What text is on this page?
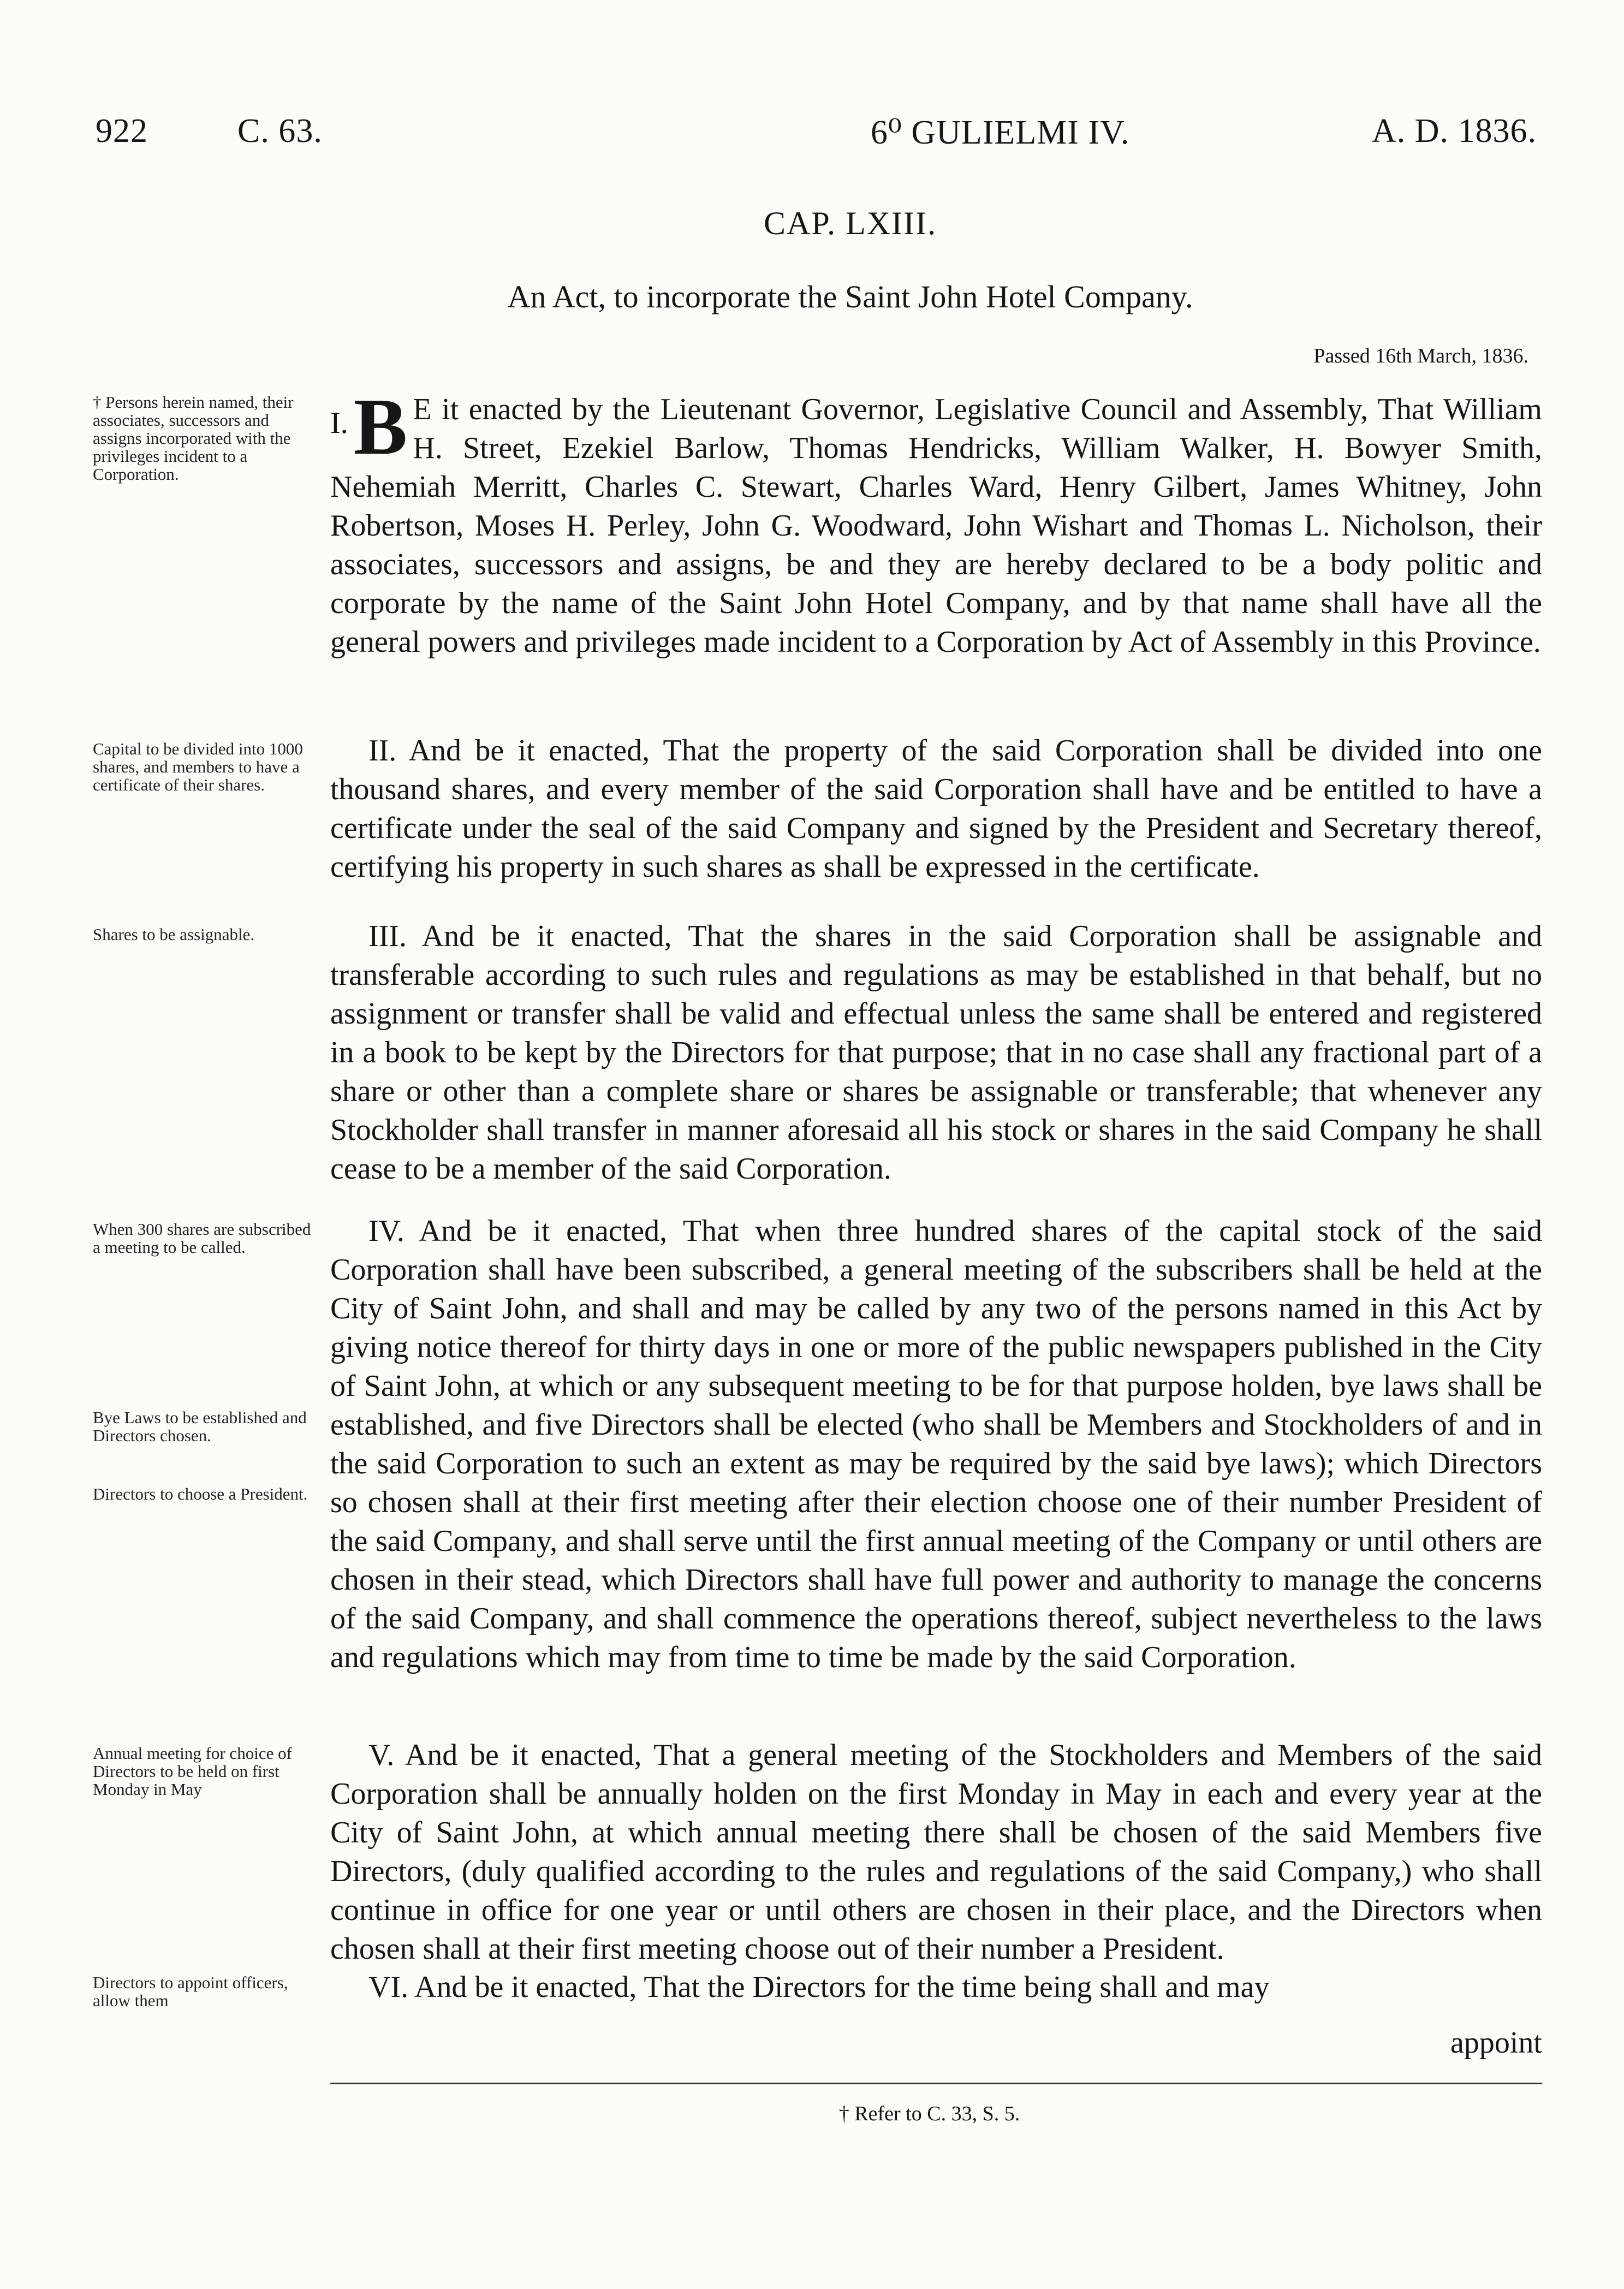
922	C. 63.	6⁰ GULIELMI IV.	A. D. 1836.
CAP. LXIII.
An Act, to incorporate the Saint John Hotel Company.
Passed 16th March, 1836.
† Persons herein named, their associates, successors and assigns incorporated with the privileges incident to a Corporation.
Capital to be divided into 1000 shares, and members to have a certificate of their shares.
Shares to be assignable.
When 300 shares are subscribed a meeting to be called.
Bye Laws to be established and Directors chosen.
Directors to choose a President.
Annual meeting for choice of Directors to be held on first Monday in May
Directors to appoint officers, allow them

I. B E it enacted by the Lieutenant Governor, Legislative Council and Assembly, That William H. Street, Ezekiel Barlow, Thomas Hendricks, William Walker, H. Bowyer Smith, Nehemiah Merritt, Charles C. Stewart, Charles Ward, Henry Gilbert, James Whitney, John Robertson, Moses H. Perley, John G. Woodward, John Wishart and Thomas L. Nicholson, their associates, successors and assigns, be and they are hereby declared to be a body politic and corporate by the name of the Saint John Hotel Company, and by that name shall have all the general powers and privileges made incident to a Corporation by Act of Assembly in this Province.

II. And be it enacted, That the property of the said Corporation shall be divided into one thousand shares, and every member of the said Corporation shall have and be entitled to have a certificate under the seal of the said Company and signed by the President and Secretary thereof, certifying his property in such shares as shall be expressed in the certificate.

III. And be it enacted, That the shares in the said Corporation shall be assignable and transferable according to such rules and regulations as may be established in that behalf, but no assignment or transfer shall be valid and effectual unless the same shall be entered and registered in a book to be kept by the Directors for that purpose; that in no case shall any fractional part of a share or other than a complete share or shares be assignable or transferable; that whenever any Stockholder shall transfer in manner aforesaid all his stock or shares in the said Company he shall cease to be a member of the said Corporation.

IV. And be it enacted, That when three hundred shares of the capital stock of the said Corporation shall have been subscribed, a general meeting of the subscribers shall be held at the City of Saint John, and shall and may be called by any two of the persons named in this Act by giving notice thereof for thirty days in one or more of the public newspapers published in the City of Saint John, at which or any subsequent meeting to be for that purpose holden, bye laws shall be established, and five Directors shall be elected (who shall be Members and Stockholders of and in the said Corporation to such an extent as may be required by the said bye laws); which Directors so chosen shall at their first meeting after their election choose one of their number President of the said Company, and shall serve until the first annual meeting of the Company or until others are chosen in their stead, which Directors shall have full power and authority to manage the concerns of the said Company, and shall commence the operations thereof, subject nevertheless to the laws and regulations which may from time to time be made by the said Corporation.

V. And be it enacted, That a general meeting of the Stockholders and Members of the said Corporation shall be annually holden on the first Monday in May in each and every year at the City of Saint John, at which annual meeting there shall be chosen of the said Members five Directors, (duly qualified according to the rules and regulations of the said Company,) who shall continue in office for one year or until others are chosen in their place, and the Directors when chosen shall at their first meeting choose out of their number a President.

VI. And be it enacted, That the Directors for the time being shall and may

appoint
† Refer to C. 33, S. 5.
